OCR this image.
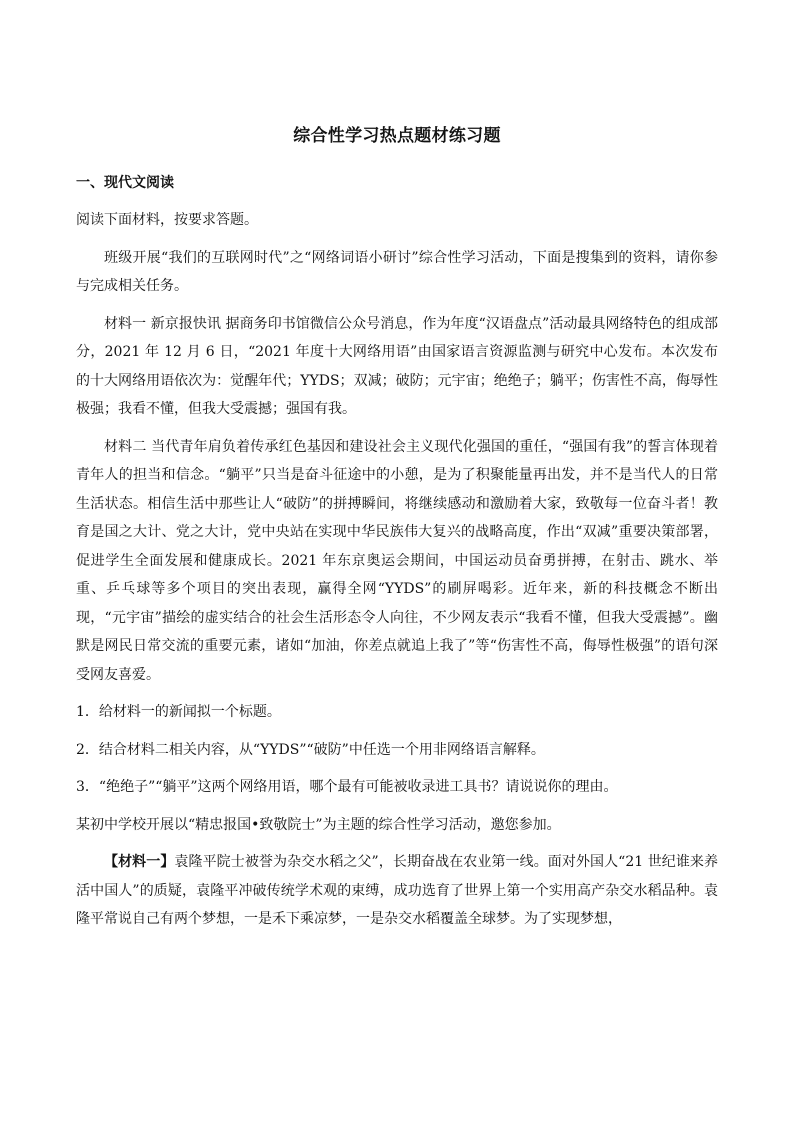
综合性学习热点题材练习题
一、现代文阅读

阅读下面材料，按要求答题。

班级开展“我们的互联网时代”之“网络词语小研讨”综合性学习活动，下面是搜集到的资料，请你参与完成相关任务。

材料一 新京报快讯 据商务印书馆微信公众号消息，作为年度“汉语盘点”活动最具网络特色的组成部分，2021 年 12 月 6 日，“2021 年度十大网络用语”由国家语言资源监测与研究中心发布。本次发布的十大网络用语依次为：觉醒年代；YYDS；双减；破防；元宇宙；绝绝子；躺平；伤害性不高，侮辱性极强；我看不懂，但我大受震撼；强国有我。

材料二 当代青年肩负着传承红色基因和建设社会主义现代化强国的重任，“强国有我”的誓言体现着青年人的担当和信念。“躺平”只当是奋斗征途中的小憩，是为了积聚能量再出发，并不是当代人的日常生活状态。相信生活中那些让人“破防”的拼搏瞬间，将继续感动和激励着大家，致敬每一位奋斗者！教育是国之大计、党之大计，党中央站在实现中华民族伟大复兴的战略高度，作出“双减”重要决策部署，促进学生全面发展和健康成长。2021 年东京奥运会期间，中国运动员奋勇拼搏，在射击、跳水、举重、乒乓球等多个项目的突出表现，赢得全网“YYDS”的刷屏喝彩。近年来，新的科技概念不断出现，“元宇宙”描绘的虚实结合的社会生活形态令人向往，不少网友表示“我看不懂，但我大受震撼”。幽默是网民日常交流的重要元素，诸如“加油，你差点就追上我了”等“伤害性不高，侮辱性极强”的语句深受网友喜爱。

1．给材料一的新闻拟一个标题。

2．结合材料二相关内容，从“YYDS”“破防”中任选一个用非网络语言解释。

3．“绝绝子”“躺平”这两个网络用语，哪个最有可能被收录进工具书？请说说你的理由。

某初中学校开展以“精忠报国•致敬院士”为主题的综合性学习活动，邀您参加。

【材料一】袁隆平院士被誉为杂交水稻之父”，长期奋战在农业第一线。面对外国人“21 世纪谁来养活中国人”的质疑，袁隆平冲破传统学术观的束缚，成功选育了世界上第一个实用高产杂交水稻品种。袁隆平常说自己有两个梦想，一是禾下乘凉梦，一是杂交水稻覆盖全球梦。为了实现梦想，
